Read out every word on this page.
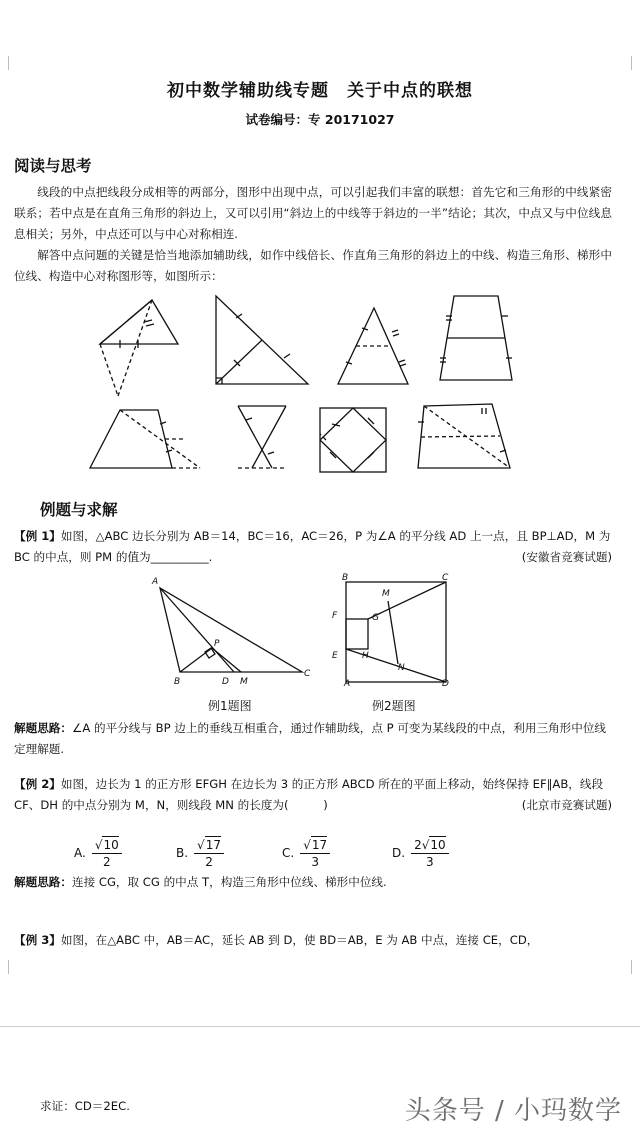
初中数学辅助线专题　关于中点的联想
试卷编号：专 20171027
阅读与思考

线段的中点把线段分成相等的两部分，图形中出现中点，可以引起我们丰富的联想：首先它和三角形的中线紧密联系；若中点是在直角三角形的斜边上，又可以引用“斜边上的中线等于斜边的一半”结论；其次，中点又与中位线息息相关；另外，中点还可以与中心对称相连.

解答中点问题的关键是恰当地添加辅助线，如作中线倍长、作直角三角形的斜边上的中线、构造三角形、梯形中位线、构造中心对称图形等，如图所示：

例题与求解
【例 1】如图，△ABC 边长分别为 AB＝14，BC＝16，AC＝26，P 为∠A 的平分线 AD 上一点，且 BP⊥AD，M 为 BC 的中点，则 PM 的值为__________.	(安徽省竞赛试题)
A
B	D M
C
P
例1题图
B
M
C
F	G
E	H
N
A	D
例2题图
解题思路：∠A 的平分线与 BP 边上的垂线互相重合，通过作辅助线，点 P 可变为某线段的中点，利用三角形中位线定理解题.
【例 2】如图，边长为 1 的正方形 EFGH 在边长为 3 的正方形 ABCD 所在的平面上移动，始终保持 EF∥AB，线段 CF、DH 的中点分别为 M，N，则线段 MN 的长度为(　　　)	(北京市竞赛试题)
A. $\frac{√10}{2}$	B. $\frac{√17}{2}$	C. $\frac{√17}{3}$	D. $\frac{2√10}{3}$
解题思路：连接 CG，取 CG 的中点 T，构造三角形中位线、梯形中位线.
【例 3】如图，在△ABC 中，AB＝AC，延长 AB 到 D，使 BD＝AB，E 为 AB 中点，连接 CE，CD，
求证：CD＝2EC.	头条号 / 小玛数学
